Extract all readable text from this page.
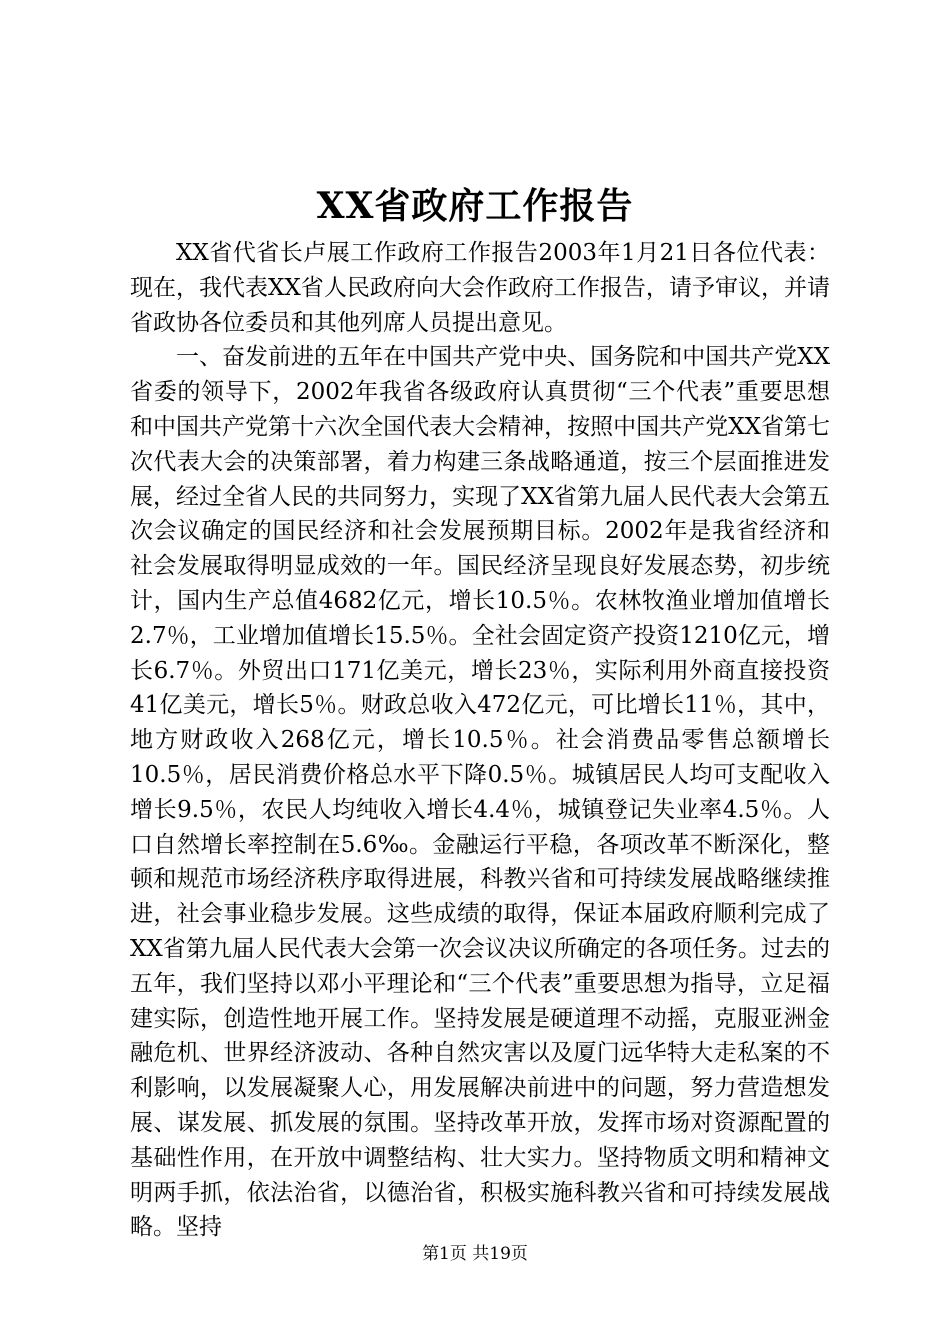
XX省政府工作报告

XX省代省长卢展工作政府工作报告2003年1月21日各位代表：现在，我代表XX省人民政府向大会作政府工作报告，请予审议，并请省政协各位委员和其他列席人员提出意见。

一、奋发前进的五年在中国共产党中央、国务院和中国共产党XX省委的领导下，2002年我省各级政府认真贯彻“三个代表”重要思想和中国共产党第十六次全国代表大会精神，按照中国共产党XX省第七次代表大会的决策部署，着力构建三条战略通道，按三个层面推进发展，经过全省人民的共同努力，实现了XX省第九届人民代表大会第五次会议确定的国民经济和社会发展预期目标。2002年是我省经济和社会发展取得明显成效的一年。国民经济呈现良好发展态势，初步统计，国内生产总值4682亿元，增长10.5％。农林牧渔业增加值增长2.7％，工业增加值增长15.5％。全社会固定资产投资1210亿元，增长6.7％。外贸出口171亿美元，增长23％，实际利用外商直接投资41亿美元，增长5％。财政总收入472亿元，可比增长11％，其中，地方财政收入268亿元，增长10.5％。社会消费品零售总额增长10.5％，居民消费价格总水平下降0.5％。城镇居民人均可支配收入增长9.5％，农民人均纯收入增长4.4％，城镇登记失业率4.5％。人口自然增长率控制在5.6‰。金融运行平稳，各项改革不断深化，整顿和规范市场经济秩序取得进展，科教兴省和可持续发展战略继续推进，社会事业稳步发展。这些成绩的取得，保证本届政府顺利完成了XX省第九届人民代表大会第一次会议决议所确定的各项任务。过去的五年，我们坚持以邓小平理论和“三个代表”重要思想为指导，立足福建实际，创造性地开展工作。坚持发展是硬道理不动摇，克服亚洲金融危机、世界经济波动、各种自然灾害以及厦门远华特大走私案的不利影响，以发展凝聚人心，用发展解决前进中的问题，努力营造想发展、谋发展、抓发展的氛围。坚持改革开放，发挥市场对资源配置的基础性作用，在开放中调整结构、壮大实力。坚持物质文明和精神文明两手抓，依法治省，以德治省，积极实施科教兴省和可持续发展战略。坚持

第1页 共19页
